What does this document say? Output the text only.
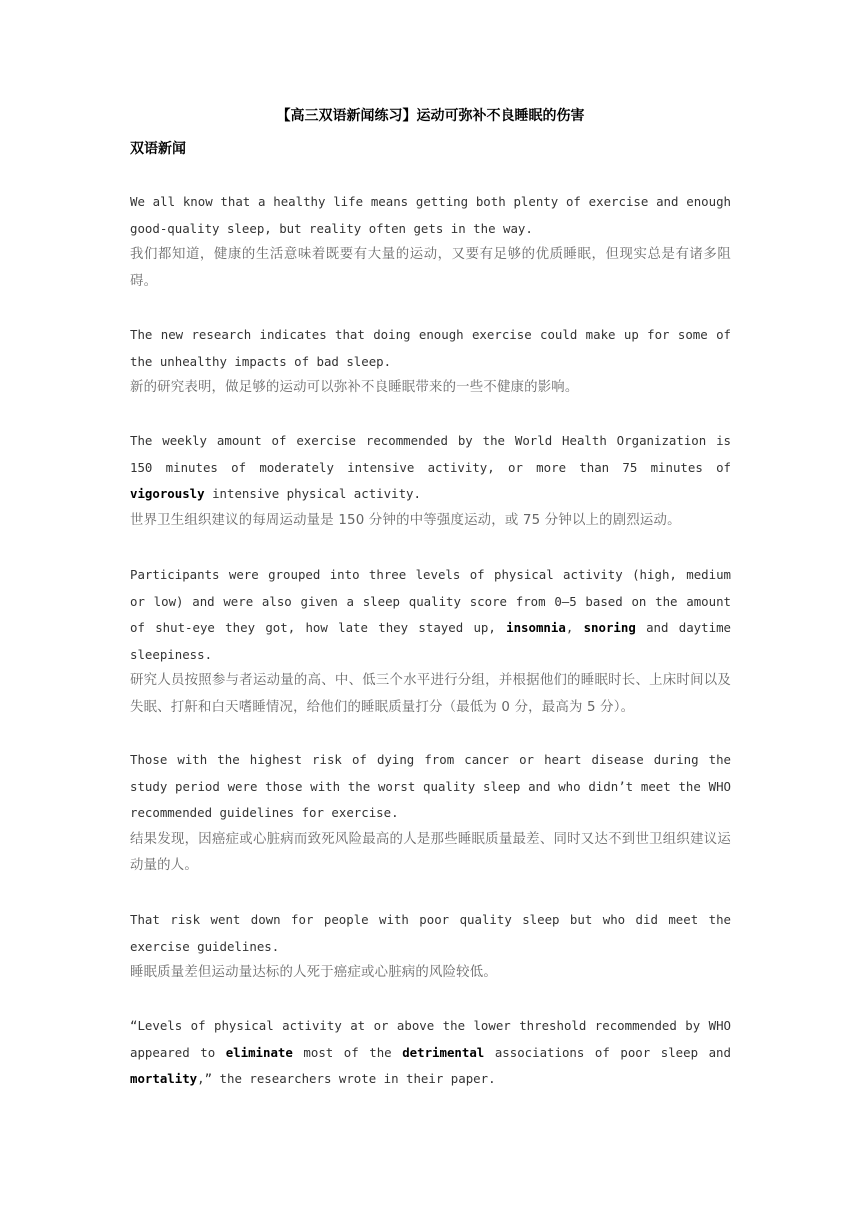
【高三双语新闻练习】运动可弥补不良睡眠的伤害
双语新闻

We all know that a healthy life means getting both plenty of exercise and enough good-quality sleep, but reality often gets in the way.

我们都知道，健康的生活意味着既要有大量的运动，又要有足够的优质睡眠，但现实总是有诸多阻碍。

The new research indicates that doing enough exercise could make up for some of the unhealthy impacts of bad sleep.

新的研究表明，做足够的运动可以弥补不良睡眠带来的一些不健康的影响。

The weekly amount of exercise recommended by the World Health Organization is 150 minutes of moderately intensive activity, or more than 75 minutes of vigorously intensive physical activity.

世界卫生组织建议的每周运动量是 150 分钟的中等强度运动，或 75 分钟以上的剧烈运动。

Participants were grouped into three levels of physical activity (high, medium or low) and were also given a sleep quality score from 0–5 based on the amount of shut-eye they got, how late they stayed up, insomnia, snoring and daytime sleepiness.

研究人员按照参与者运动量的高、中、低三个水平进行分组，并根据他们的睡眠时长、上床时间以及失眠、打鼾和白天嗜睡情况，给他们的睡眠质量打分（最低为 0 分，最高为 5 分）。

Those with the highest risk of dying from cancer or heart disease during the study period were those with the worst quality sleep and who didn’t meet the WHO recommended guidelines for exercise.

结果发现，因癌症或心脏病而致死风险最高的人是那些睡眠质量最差、同时又达不到世卫组织建议运动量的人。

That risk went down for people with poor quality sleep but who did meet the exercise guidelines.

睡眠质量差但运动量达标的人死于癌症或心脏病的风险较低。

“Levels of physical activity at or above the lower threshold recommended by WHO appeared to eliminate most of the detrimental associations of poor sleep and mortality,” the researchers wrote in their paper.
